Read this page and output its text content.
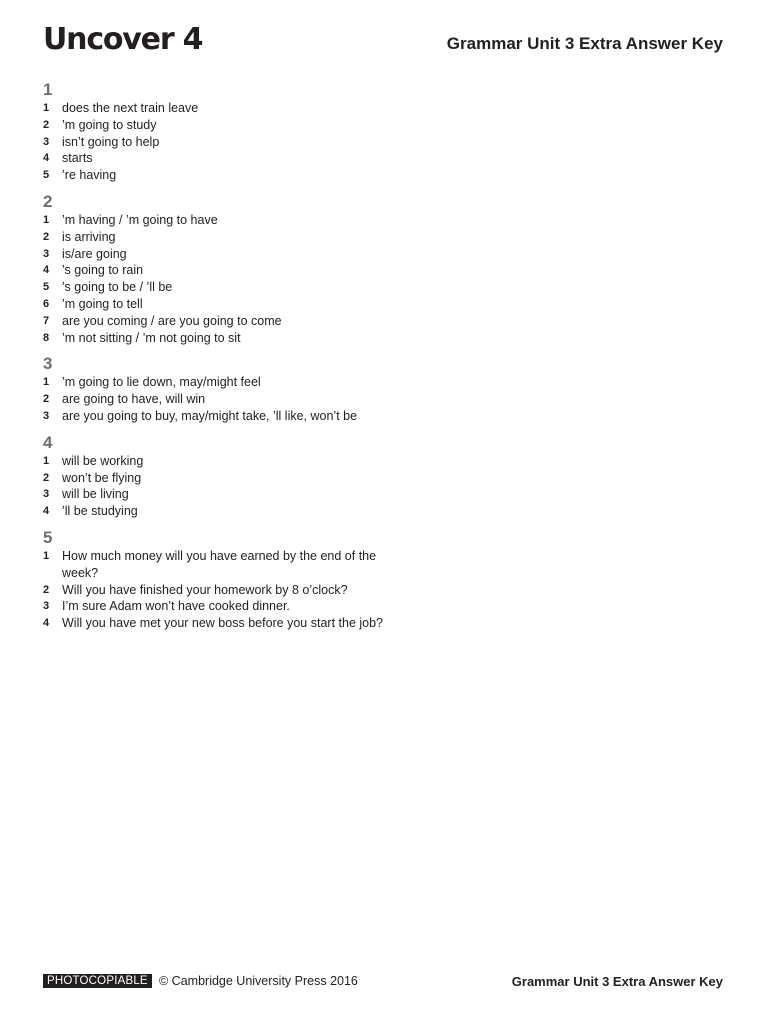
Uncover 4	Grammar Unit 3 Extra Answer Key
1
1	does the next train leave
2	’m going to study
3	isn’t going to help
4	starts
5	’re having
2
1	’m having / ’m going to have
2	is arriving
3	is/are going
4	’s going to rain
5	’s going to be / ’ll be
6	’m going to tell
7	are you coming / are you going to come
8	’m not sitting / ’m not going to sit
3
1	’m going to lie down, may/might feel
2	are going to have, will win
3	are you going to buy, may/might take, ’ll like, won’t be
4
1	will be working
2	won’t be flying
3	will be living
4	’ll be studying
5
1	How much money will you have earned by the end of the week?
2	Will you have finished your homework by 8 o’clock?
3	I’m sure Adam won’t have cooked dinner.
4	Will you have met your new boss before you start the job?
PHOTOCOPIABLE © Cambridge University Press 2016	Grammar Unit 3 Extra Answer Key
